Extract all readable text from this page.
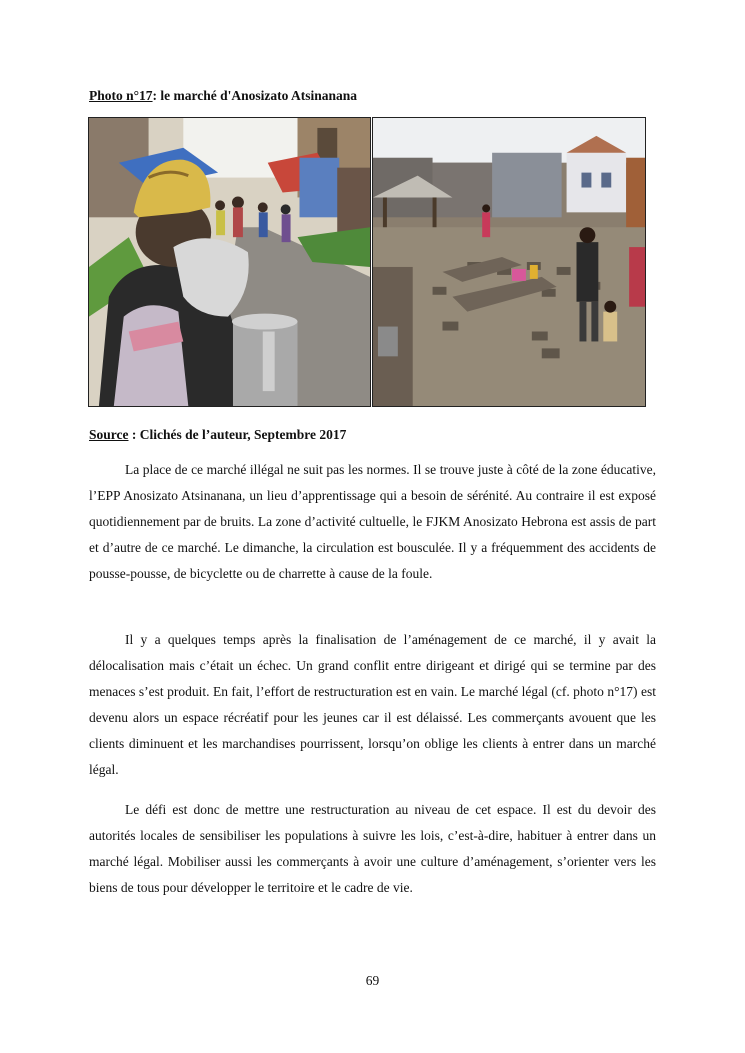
Photo n°17: le marché d'Anosizato Atsinanana
Source : Clichés de l’auteur, Septembre 2017

La place de ce marché illégal ne suit pas les normes. Il se trouve juste à côté de la zone éducative, l’EPP Anosizato Atsinanana, un lieu d’apprentissage qui a besoin de sérénité. Au contraire il est exposé quotidiennement par de bruits. La zone d’activité cultuelle, le FJKM Anosizato Hebrona est assis de part et d’autre de ce marché. Le dimanche, la circulation est bousculée. Il y a fréquemment des accidents de pousse-pousse, de bicyclette ou de charrette à cause de la foule.

Il y a quelques temps après la finalisation de l’aménagement de ce marché, il y avait la délocalisation mais c’était un échec. Un grand conflit entre dirigeant et dirigé qui se termine par des menaces s’est produit. En fait, l’effort de restructuration est en vain. Le marché légal (cf. photo n°17) est devenu alors un espace récréatif pour les jeunes car il est délaissé. Les commerçants avouent que les clients diminuent et les marchandises pourrissent, lorsqu’on oblige les clients à entrer dans un marché légal.

Le défi est donc de mettre une restructuration au niveau de cet espace. Il est du devoir des autorités locales de sensibiliser les populations à suivre les lois, c’est-à-dire, habituer à entrer dans un marché légal. Mobiliser aussi les commerçants à avoir une culture d’aménagement, s’orienter vers les biens de tous pour développer le territoire et le cadre de vie.

69
